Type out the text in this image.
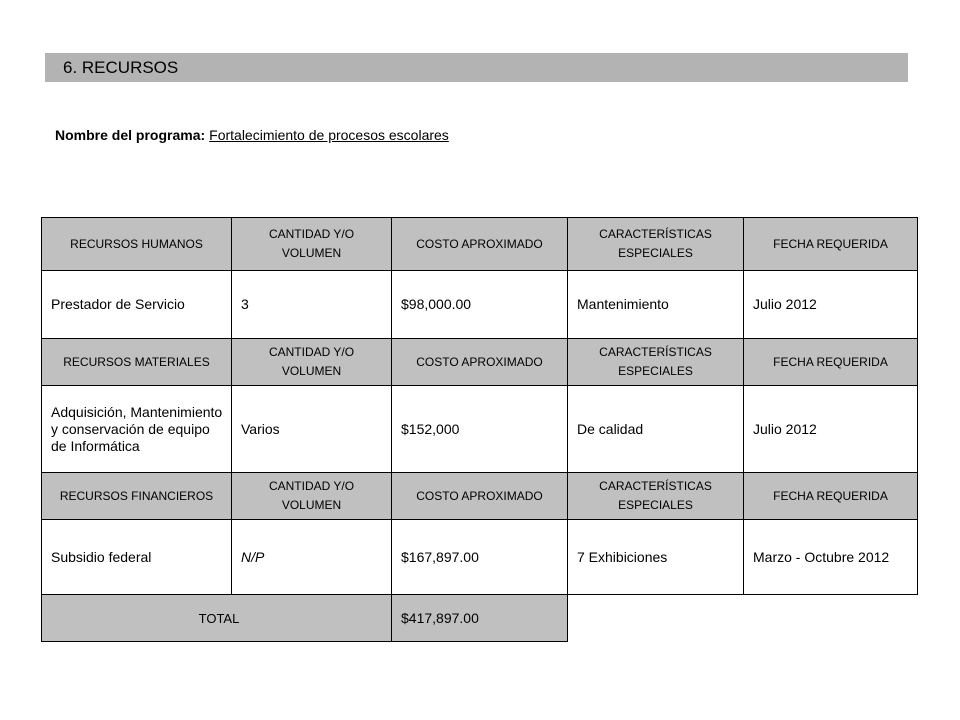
6. RECURSOS
Nombre del programa: Fortalecimiento de procesos escolares
RECURSOS HUMANOS	CANTIDAD Y/O VOLUMEN	COSTO APROXIMADO	CARACTERÍSTICAS ESPECIALES	FECHA REQUERIDA
Prestador de Servicio	3	$98,000.00	Mantenimiento	Julio 2012
RECURSOS MATERIALES	CANTIDAD Y/O VOLUMEN	COSTO APROXIMADO	CARACTERÍSTICAS ESPECIALES	FECHA REQUERIDA
Adquisición, Mantenimiento y conservación de equipo de Informática	Varios	$152,000	De calidad	Julio 2012
RECURSOS FINANCIEROS	CANTIDAD Y/O VOLUMEN	COSTO APROXIMADO	CARACTERÍSTICAS ESPECIALES	FECHA REQUERIDA
Subsidio federal	N/P	$167,897.00	7 Exhibiciones	Marzo - Octubre 2012
TOTAL		$417,897.00		
